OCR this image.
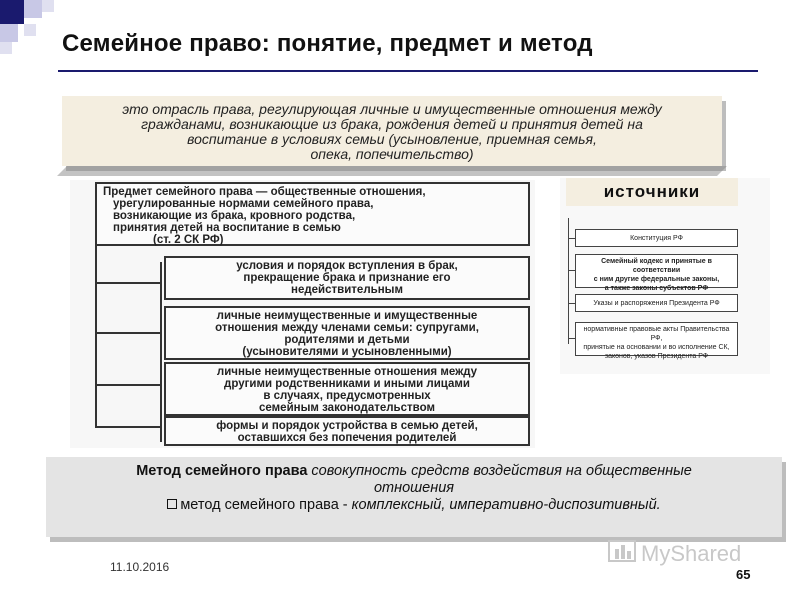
Семейное право: понятие, предмет и метод
это отрасль права, регулирующая личные и имущественные отношения между
гражданами, возникающие из брака, рождения детей и принятия детей на
воспитание в условиях семьи (усыновление, приемная семья,
опека, попечительство)
Предмет семейного права — общественные отношения,
урегулированные нормами семейного права,
возникающие из брака, кровного родства,
принятия детей на воспитание в семью
(ст. 2 СК РФ)
условия и порядок вступления в брак,
прекращение брака и признание его
недействительным
личные неимущественные и имущественные
отношения между членами семьи: супругами,
родителями и детьми
(усыновителями и усыновленными)
личные неимущественные отношения между
другими родственниками и иными лицами
в случаях, предусмотренных
семейным законодательством
формы и порядок устройства в семью детей,
оставшихся без попечения родителей
источники
Конституция РФ
Семейный кодекс и принятые в соответствии
с ним другие федеральные законы,
а также законы субъектов РФ
Указы и распоряжения Президента РФ
нормативные правовые акты Правительства РФ,
принятые на основании и во исполнение СК,
законов, указов Президента РФ
Метод семейного права совокупность средств воздействия на общественные
отношения
метод семейного права - комплексный, императивно-диспозитивный.
11.10.2016
MyShared
65
